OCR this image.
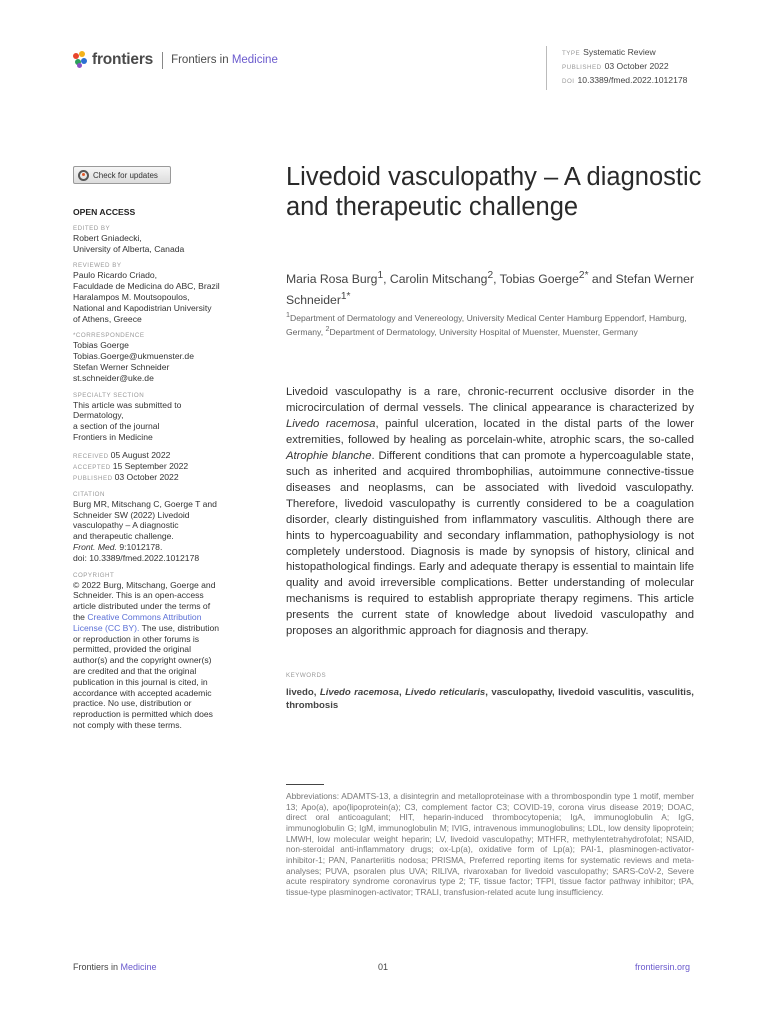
frontiers Frontiers in Medicine
TYPE Systematic Review
PUBLISHED 03 October 2022
DOI 10.3389/fmed.2022.1012178
Check for updates
OPEN ACCESS
EDITED BY
Robert Gniadecki,
University of Alberta, Canada
REVIEWED BY
Paulo Ricardo Criado,
Faculdade de Medicina do ABC, Brazil
Haralampos M. Moutsopoulos,
National and Kapodistrian University
of Athens, Greece
*CORRESPONDENCE
Tobias Goerge
Tobias.Goerge@ukmuenster.de
Stefan Werner Schneider
st.schneider@uke.de
SPECIALTY SECTION
This article was submitted to
Dermatology,
a section of the journal
Frontiers in Medicine
RECEIVED 05 August 2022
ACCEPTED 15 September 2022
PUBLISHED 03 October 2022
CITATION
Burg MR, Mitschang C, Goerge T and
Schneider SW (2022) Livedoid
vasculopathy – A diagnostic
and therapeutic challenge.
Front. Med. 9:1012178.
doi: 10.3389/fmed.2022.1012178
COPYRIGHT
© 2022 Burg, Mitschang, Goerge and
Schneider. This is an open-access
article distributed under the terms of
the Creative Commons Attribution
License (CC BY). The use, distribution
or reproduction in other forums is
permitted, provided the original
author(s) and the copyright owner(s)
are credited and that the original
publication in this journal is cited, in
accordance with accepted academic
practice. No use, distribution or
reproduction is permitted which does
not comply with these terms.
Livedoid vasculopathy – A diagnostic and therapeutic challenge
Maria Rosa Burg$^1$, Carolin Mitschang$^2$, Tobias Goerge$^{2*}$ and Stefan Werner Schneider$^{1*}$
$^1$Department of Dermatology and Venereology, University Medical Center Hamburg Eppendorf, Hamburg, Germany, $^2$Department of Dermatology, University Hospital of Muenster, Muenster, Germany

Livedoid vasculopathy is a rare, chronic-recurrent occlusive disorder in the microcirculation of dermal vessels. The clinical appearance is characterized by Livedo racemosa, painful ulceration, located in the distal parts of the lower extremities, followed by healing as porcelain-white, atrophic scars, the so-called Atrophie blanche. Different conditions that can promote a hypercoagulable state, such as inherited and acquired thrombophilias, autoimmune connective-tissue diseases and neoplasms, can be associated with livedoid vasculopathy. Therefore, livedoid vasculopathy is currently considered to be a coagulation disorder, clearly distinguished from inflammatory vasculitis. Although there are hints to hypercoaguability and secondary inflammation, pathophysiology is not completely understood. Diagnosis is made by synopsis of history, clinical and histopathological findings. Early and adequate therapy is essential to maintain life quality and avoid irreversible complications. Better understanding of molecular mechanisms is required to establish appropriate therapy regimens. This article presents the current state of knowledge about livedoid vasculopathy and proposes an algorithmic approach for diagnosis and therapy.

KEYWORDS
livedo, Livedo racemosa, Livedo reticularis, vasculopathy, livedoid vasculitis, vasculitis, thrombosis

Abbreviations: ADAMTS-13, a disintegrin and metalloproteinase with a thrombospondin type 1 motif, member 13; Apo(a), apo(lipoprotein(a); C3, complement factor C3; COVID-19, corona virus disease 2019; DOAC, direct oral anticoagulant; HIT, heparin-induced thrombocytopenia; IgA, immunoglobulin A; IgG, immunoglobulin G; IgM, immunoglobulin M; IVIG, intravenous immunoglobulins; LDL, low density lipoprotein; LMWH, low molecular weight heparin; LV, livedoid vasculopathy; MTHFR, methylentetrahydrofolat; NSAID, non-steroidal anti-inflammatory drugs; ox-Lp(a), oxidative form of Lp(a); PAI-1, plasminogen-activator-inhibitor-1; PAN, Panarteriitis nodosa; PRISMA, Preferred reporting items for systematic reviews and meta-analyses; PUVA, psoralen plus UVA; RILIVA, rivaroxaban for livedoid vasculopathy; SARS-CoV-2, Severe acute respiratory syndrome coronavirus type 2; TF, tissue factor; TFPI, tissue factor pathway inhibitor; tPA, tissue-type plasminogen-activator; TRALI, transfusion-related acute lung insufficiency.

Frontiers in Medicine	01	frontiersin.org
